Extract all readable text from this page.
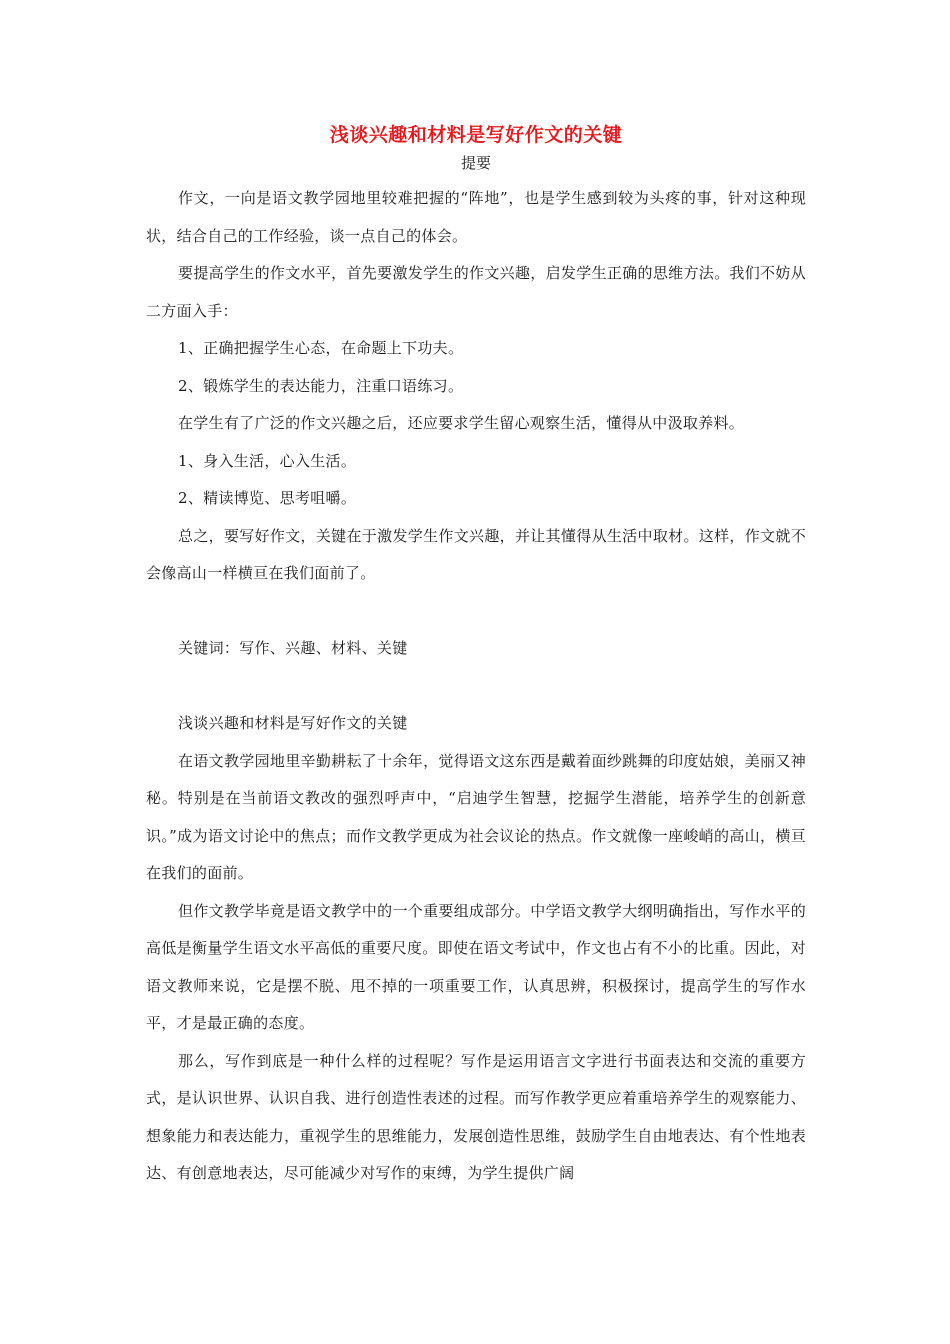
浅谈兴趣和材料是写好作文的关键

提要

作文，一向是语文教学园地里较难把握的“阵地”，也是学生感到较为头疼的事，针对这种现状，结合自己的工作经验，谈一点自己的体会。

要提高学生的作文水平，首先要激发学生的作文兴趣，启发学生正确的思维方法。我们不妨从二方面入手：

1、正确把握学生心态，在命题上下功夫。

2、锻炼学生的表达能力，注重口语练习。

在学生有了广泛的作文兴趣之后，还应要求学生留心观察生活，懂得从中汲取养料。

1、身入生活，心入生活。

2、精读博览、思考咀嚼。

总之，要写好作文，关键在于激发学生作文兴趣，并让其懂得从生活中取材。这样，作文就不会像高山一样横亘在我们面前了。

关键词：写作、兴趣、材料、关键

浅谈兴趣和材料是写好作文的关键

在语文教学园地里辛勤耕耘了十余年，觉得语文这东西是戴着面纱跳舞的印度姑娘，美丽又神秘。特别是在当前语文教改的强烈呼声中，“启迪学生智慧，挖掘学生潜能，培养学生的创新意识。”成为语文讨论中的焦点；而作文教学更成为社会议论的热点。作文就像一座峻峭的高山，横亘在我们的面前。

但作文教学毕竟是语文教学中的一个重要组成部分。中学语文教学大纲明确指出，写作水平的高低是衡量学生语文水平高低的重要尺度。即使在语文考试中，作文也占有不小的比重。因此，对语文教师来说，它是摆不脱、甩不掉的一项重要工作，认真思辨，积极探讨，提高学生的写作水平，才是最正确的态度。

那么，写作到底是一种什么样的过程呢？写作是运用语言文字进行书面表达和交流的重要方式，是认识世界、认识自我、进行创造性表述的过程。而写作教学更应着重培养学生的观察能力、想象能力和表达能力，重视学生的思维能力，发展创造性思维，鼓励学生自由地表达、有个性地表达、有创意地表达，尽可能减少对写作的束缚，为学生提供广阔
